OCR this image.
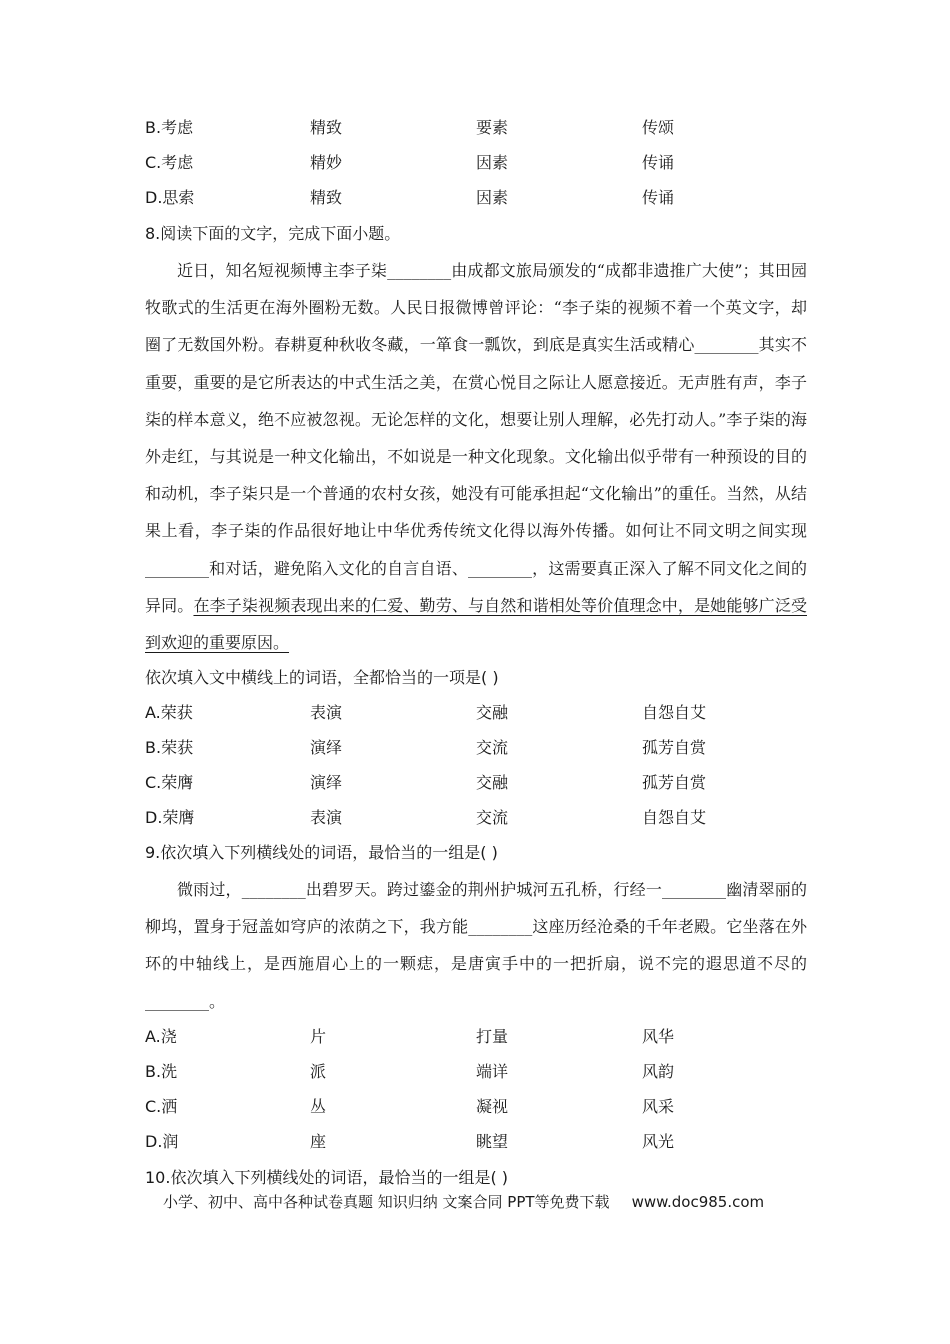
B.考虑	精致	要素	传颂
C.考虑	精妙	因素	传诵
D.思索	精致	因素	传诵
8.阅读下面的文字，完成下面小题。

近日，知名短视频博主李子柒________由成都文旅局颁发的“成都非遗推广大使”；其田园牧歌式的生活更在海外圈粉无数。人民日报微博曾评论：“李子柒的视频不着一个英文字，却圈了无数国外粉。春耕夏种秋收冬藏，一箪食一瓢饮，到底是真实生活或精心________其实不重要，重要的是它所表达的中式生活之美，在赏心悦目之际让人愿意接近。无声胜有声，李子柒的样本意义，绝不应被忽视。无论怎样的文化，想要让别人理解，必先打动人。”李子柒的海外走红，与其说是一种文化输出，不如说是一种文化现象。文化输出似乎带有一种预设的目的和动机，李子柒只是一个普通的农村女孩，她没有可能承担起“文化输出”的重任。当然，从结果上看，李子柒的作品很好地让中华优秀传统文化得以海外传播。如何让不同文明之间实现________和对话，避免陷入文化的自言自语、________，这需要真正深入了解不同文化之间的异同。在李子柒视频表现出来的仁爱、勤劳、与自然和谐相处等价值理念中，是她能够广泛受到欢迎的重要原因。

依次填入文中横线上的词语，全都恰当的一项是( )
A.荣获	表演	交融	自怨自艾
B.荣获	演绎	交流	孤芳自赏
C.荣膺	演绎	交融	孤芳自赏
D.荣膺	表演	交流	自怨自艾
9.依次填入下列横线处的词语，最恰当的一组是( )

微雨过，________出碧罗天。跨过鎏金的荆州护城河五孔桥，行经一________幽清翠丽的柳坞，置身于冠盖如穹庐的浓荫之下，我方能________这座历经沧桑的千年老殿。它坐落在外环的中轴线上，是西施眉心上的一颗痣，是唐寅手中的一把折扇，说不完的遐思道不尽的________。

A.浇	片	打量	风华
B.洗	派	端详	风韵
C.洒	丛	凝视	风采
D.润	座	眺望	风光
10.依次填入下列横线处的词语，最恰当的一组是( )
小学、初中、高中各种试卷真题 知识归纳 文案合同 PPT等免费下载 www.doc985.com
